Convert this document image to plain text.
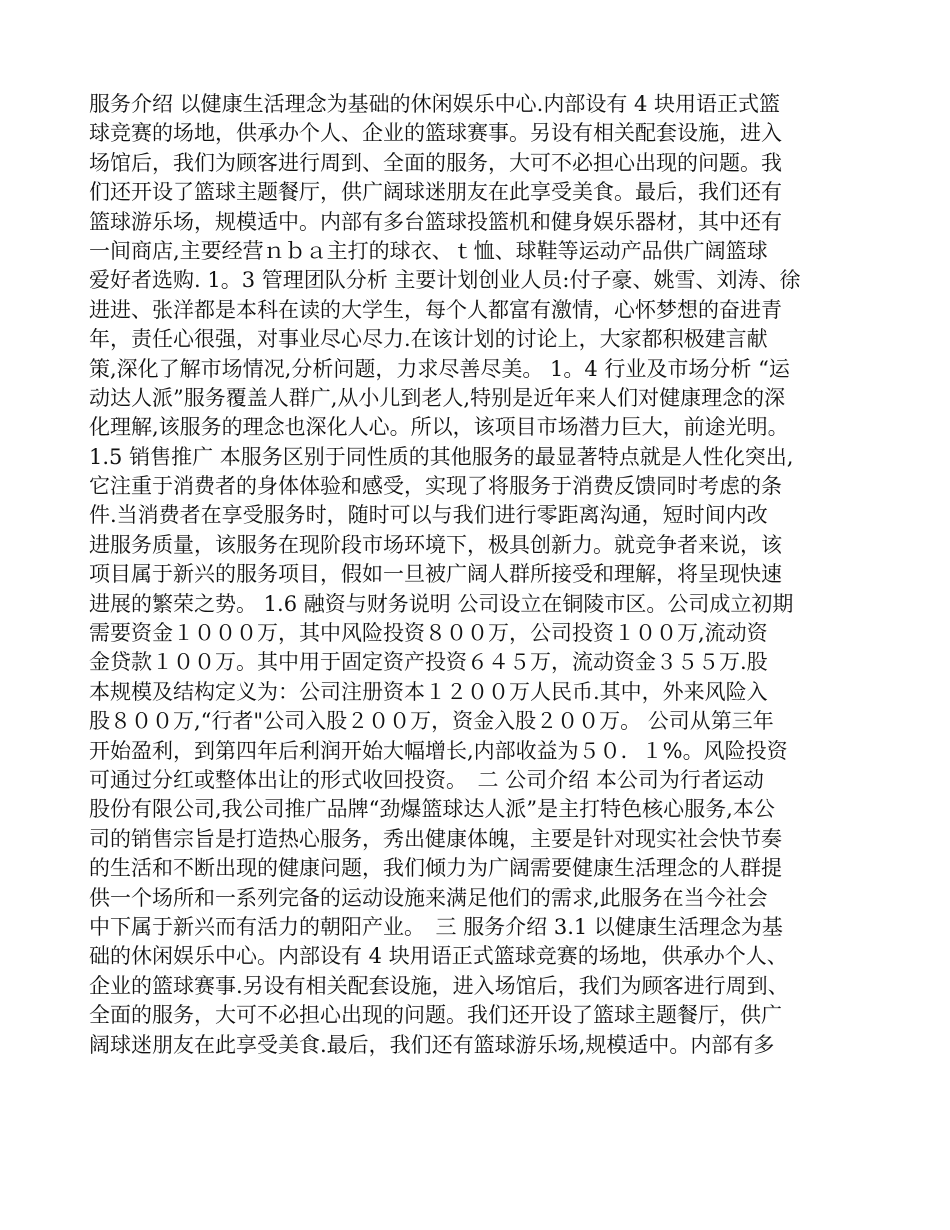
服务介绍 以健康生活理念为基础的休闲娱乐中心.内部设有 4 块用语正式篮
球竞赛的场地，供承办个人、企业的篮球赛事。另设有相关配套设施，进入
场馆后，我们为顾客进行周到、全面的服务，大可不必担心出现的问题。我
们还开设了篮球主题餐厅，供广阔球迷朋友在此享受美食。最后，我们还有
篮球游乐场，规模适中。内部有多台篮球投篮机和健身娱乐器材，其中还有
一间商店,主要经营ｎｂａ主打的球衣、ｔ恤、球鞋等运动产品供广阔篮球
爱好者选购. 1。3 管理团队分析 主要计划创业人员:付子豪、姚雪、刘涛、徐
进进、张洋都是本科在读的大学生，每个人都富有激情，心怀梦想的奋进青
年，责任心很强，对事业尽心尽力.在该计划的讨论上，大家都积极建言献
策,深化了解市场情况,分析问题，力求尽善尽美。 1。4 行业及市场分析 “运
动达人派”服务覆盖人群广,从小儿到老人,特别是近年来人们对健康理念的深
化理解,该服务的理念也深化人心。所以，该项目市场潜力巨大，前途光明。
1.5 销售推广 本服务区别于同性质的其他服务的最显著特点就是人性化突出,
它注重于消费者的身体体验和感受，实现了将服务于消费反馈同时考虑的条
件.当消费者在享受服务时，随时可以与我们进行零距离沟通，短时间内改
进服务质量，该服务在现阶段市场环境下，极具创新力。就竞争者来说，该
项目属于新兴的服务项目，假如一旦被广阔人群所接受和理解，将呈现快速
进展的繁荣之势。 1.6 融资与财务说明 公司设立在铜陵市区。公司成立初期
需要资金１０００万，其中风险投资８００万，公司投资１００万,流动资
金贷款１００万。其中用于固定资产投资６４５万，流动资金３５５万.股
本规模及结构定义为：公司注册资本１２００万人民币.其中，外来风险入
股８００万,“行者"公司入股２００万，资金入股２００万。 公司从第三年
开始盈利，到第四年后利润开始大幅增长,内部收益为５０．１%。风险投资
可通过分红或整体出让的形式收回投资。　二 公司介绍 本公司为行者运动
股份有限公司,我公司推广品牌“劲爆篮球达人派”是主打特色核心服务,本公
司的销售宗旨是打造热心服务，秀出健康体魄，主要是针对现实社会快节奏
的生活和不断出现的健康问题，我们倾力为广阔需要健康生活理念的人群提
供一个场所和一系列完备的运动设施来满足他们的需求,此服务在当今社会
中下属于新兴而有活力的朝阳产业。　三 服务介绍 3.1 以健康生活理念为基
础的休闲娱乐中心。内部设有 4 块用语正式篮球竞赛的场地，供承办个人、
企业的篮球赛事.另设有相关配套设施，进入场馆后，我们为顾客进行周到、
全面的服务，大可不必担心出现的问题。我们还开设了篮球主题餐厅，供广
阔球迷朋友在此享受美食.最后，我们还有篮球游乐场,规模适中。内部有多
